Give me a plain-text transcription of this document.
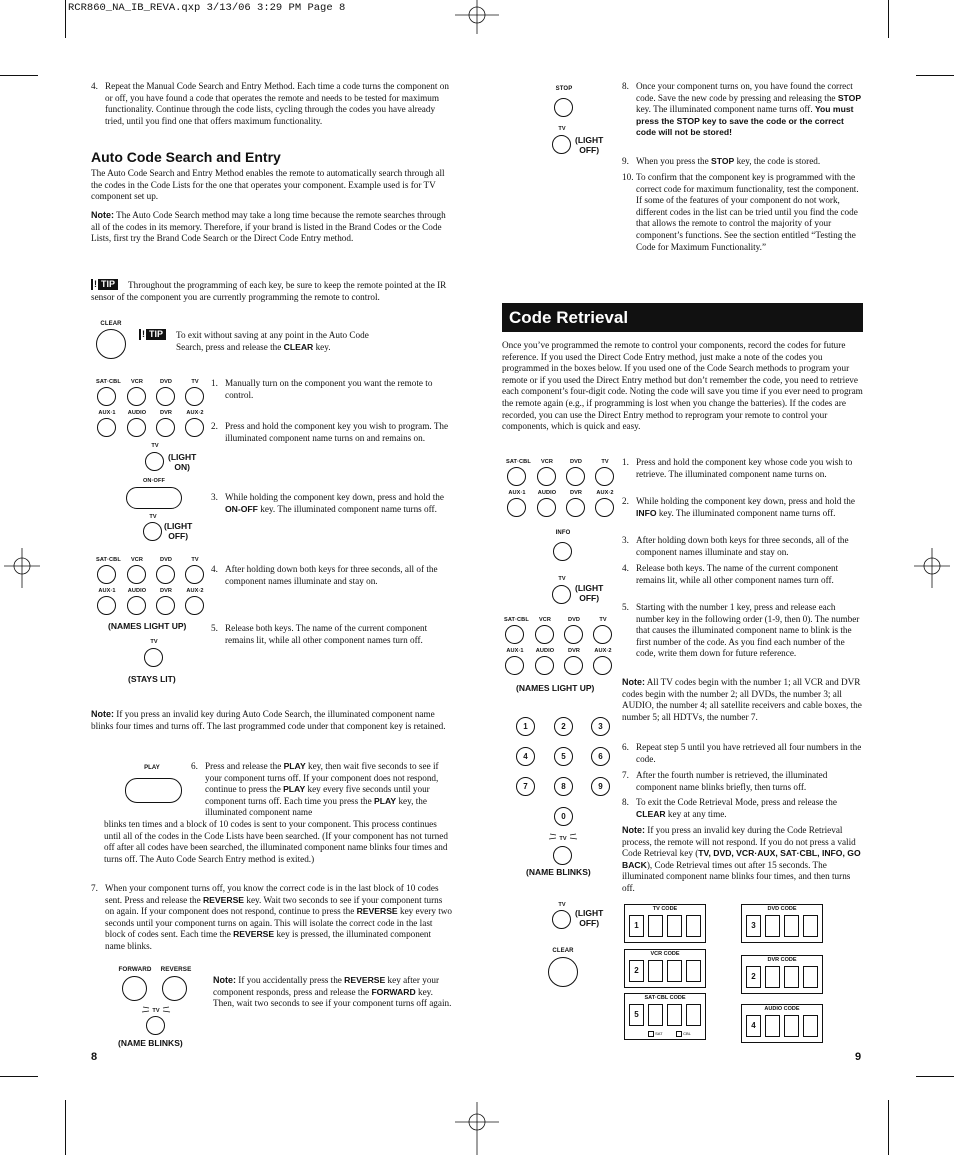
RCR860_NA_IB_REVA.qxp 3/13/06 3:29 PM Page 8
4. Repeat the Manual Code Search and Entry Method. Each time a code turns the component on or off, you have found a code that operates the remote and needs to be tested for maximum functionality. Continue through the code lists, cycling through the codes you have already tried, until you find one that offers maximum functionality.
Auto Code Search and Entry
The Auto Code Search and Entry Method enables the remote to automatically search through all the codes in the Code Lists for the one that operates your component. Example used is for TV component set up.
Note: The Auto Code Search method may take a long time because the remote searches through all of the codes in its memory. Therefore, if your brand is listed in the Brand Codes or the Code Lists, first try the Brand Code Search or the Direct Code Entry method.
! TIP	Throughout the programming of each key, be sure to keep the remote pointed at the IR sensor of the component you are currently programming the remote to control.
CLEAR
! TIP	To exit without saving at any point in the Auto Code Search, press and release the CLEAR key.
SAT·CBL	VCR	DVD	TV
AUX·1	AUDIO	DVR	AUX·2
1. Manually turn on the component you want the remote to control.
2. Press and hold the component key you wish to program. The illuminated component name turns on and remains on.
TV
(LIGHT
ON)
ON·OFF
3. While holding the component key down, press and hold the ON-OFF key. The illuminated component name turns off.
TV
(LIGHT
OFF)
SAT·CBL	VCR	DVD	TV
AUX·1	AUDIO	DVR	AUX·2
(NAMES LIGHT UP)
4. After holding down both keys for three seconds, all of the component names illuminate and stay on.
5. Release both keys. The name of the current component remains lit, while all other component names turn off.
TV
(STAYS LIT)
Note: If you press an invalid key during Auto Code Search, the illuminated component name blinks four times and turns off. The last programmed code under that component key is retained.
PLAY	6. Press and release the PLAY key, then wait five seconds to see if your component turns off. If your component does not respond, continue to press the PLAY key every five seconds until your component turns off. Each time you press the PLAY key, the illuminated component name
blinks ten times and a block of 10 codes is sent to your component. This process continues until all of the codes in the Code Lists have been searched. (If your component has not turned off after all codes have been searched, the illuminated component name blinks four times and turns off. The Auto Code Search Entry method is exited.)
7. When your component turns off, you know the correct code is in the last block of 10 codes sent. Press and release the REVERSE key. Wait two seconds to see if your component turns on again. If your component does not respond, continue to press the REVERSE key every two seconds until your component turns on again. This will isolate the correct code in the last block of codes sent. Each time the REVERSE key is pressed, the illuminated component name blinks.
FORWARD	REVERSE
TV
(NAME BLINKS)
Note: If you accidentally press the REVERSE key after your component responds, press and release the FORWARD key. Then, wait two seconds to see if your component turns off again.
8
STOP
TV
(LIGHT
OFF)
8. Once your component turns on, you have found the correct code. Save the new code by pressing and releasing the STOP key. The illuminated component name turns off. You must press the STOP key to save the code or the correct code will not be stored!
9. When you press the STOP key, the code is stored.
10. To confirm that the component key is programmed with the correct code for maximum functionality, test the component. If some of the features of your component do not work, different codes in the list can be tried until you find the code that allows the remote to control the majority of your component’s functions. See the section entitled “Testing the Code for Maximum Functionality.”
Code Retrieval
Once you’ve programmed the remote to control your components, record the codes for future reference. If you used the Direct Code Entry method, just make a note of the codes you programmed in the boxes below. If you used one of the Code Search methods to program your remote or if you used the Direct Entry method but don’t remember the code, you need to retrieve each component’s four-digit code. Noting the code will save you time if you ever need to program the remote again (e.g., if programming is lost when you change the batteries). If the codes are recorded, you can use the Direct Entry method to reprogram your remote to control your components, which is quick and easy.
SAT·CBL	VCR	DVD	TV
AUX·1	AUDIO	DVR	AUX·2
INFO
TV
(LIGHT
OFF)
SAT·CBL	VCR	DVD	TV
AUX·1	AUDIO	DVR	AUX·2
(NAMES LIGHT UP)
1	2	3
4	5	6
7	8	9
0
TV
(NAME BLINKS)
TV
(LIGHT
OFF)
CLEAR
1. Press and hold the component key whose code you wish to retrieve. The illuminated component name turns on.
2. While holding the component key down, press and hold the INFO key. The illuminated component name turns off.
3. After holding down both keys for three seconds, all of the component names illuminate and stay on.
4. Release both keys. The name of the current component remains lit, while all other component names turn off.
5. Starting with the number 1 key, press and release each number key in the following order (1-9, then 0). The number that causes the illuminated component name to blink is the first number of the code. As you find each number of the code, write them down for future reference.
Note: All TV codes begin with the number 1; all VCR and DVR codes begin with the number 2; all DVDs, the number 3; all AUDIO, the number 4; all satellite receivers and cable boxes, the number 5; all HDTVs, the number 7.
6. Repeat step 5 until you have retrieved all four numbers in the code.
7. After the fourth number is retrieved, the illuminated component name blinks briefly, then turns off.
8. To exit the Code Retrieval Mode, press and release the CLEAR key at any time.
Note: If you press an invalid key during the Code Retrieval process, the remote will not respond. If you do not press a valid Code Retrieval key (TV, DVD, VCR·AUX, SAT·CBL, INFO, GO BACK), Code Retrieval times out after 15 seconds. The illuminated component name blinks four times, and then turns off.
TV CODE
1
DVD CODE
3
VCR CODE
2
DVR CODE
2
SAT·CBL CODE
5
SAT	CBL
AUDIO CODE
4
9
